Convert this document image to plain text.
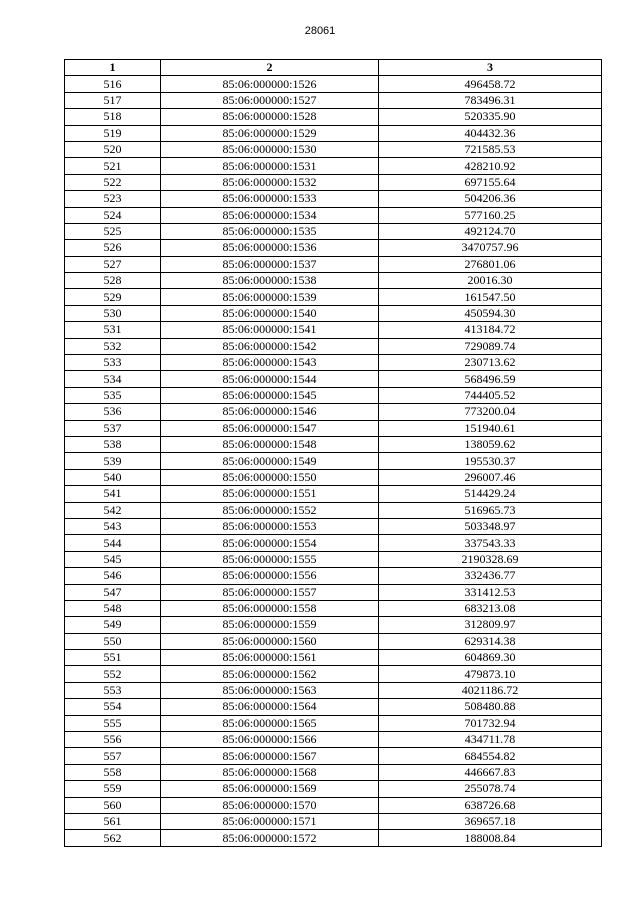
28061
1	2	3
516	85:06:000000:1526	496458.72
517	85:06:000000:1527	783496.31
518	85:06:000000:1528	520335.90
519	85:06:000000:1529	404432.36
520	85:06:000000:1530	721585.53
521	85:06:000000:1531	428210.92
522	85:06:000000:1532	697155.64
523	85:06:000000:1533	504206.36
524	85:06:000000:1534	577160.25
525	85:06:000000:1535	492124.70
526	85:06:000000:1536	3470757.96
527	85:06:000000:1537	276801.06
528	85:06:000000:1538	20016.30
529	85:06:000000:1539	161547.50
530	85:06:000000:1540	450594.30
531	85:06:000000:1541	413184.72
532	85:06:000000:1542	729089.74
533	85:06:000000:1543	230713.62
534	85:06:000000:1544	568496.59
535	85:06:000000:1545	744405.52
536	85:06:000000:1546	773200.04
537	85:06:000000:1547	151940.61
538	85:06:000000:1548	138059.62
539	85:06:000000:1549	195530.37
540	85:06:000000:1550	296007.46
541	85:06:000000:1551	514429.24
542	85:06:000000:1552	516965.73
543	85:06:000000:1553	503348.97
544	85:06:000000:1554	337543.33
545	85:06:000000:1555	2190328.69
546	85:06:000000:1556	332436.77
547	85:06:000000:1557	331412.53
548	85:06:000000:1558	683213.08
549	85:06:000000:1559	312809.97
550	85:06:000000:1560	629314.38
551	85:06:000000:1561	604869.30
552	85:06:000000:1562	479873.10
553	85:06:000000:1563	4021186.72
554	85:06:000000:1564	508480.88
555	85:06:000000:1565	701732.94
556	85:06:000000:1566	434711.78
557	85:06:000000:1567	684554.82
558	85:06:000000:1568	446667.83
559	85:06:000000:1569	255078.74
560	85:06:000000:1570	638726.68
561	85:06:000000:1571	369657.18
562	85:06:000000:1572	188008.84
